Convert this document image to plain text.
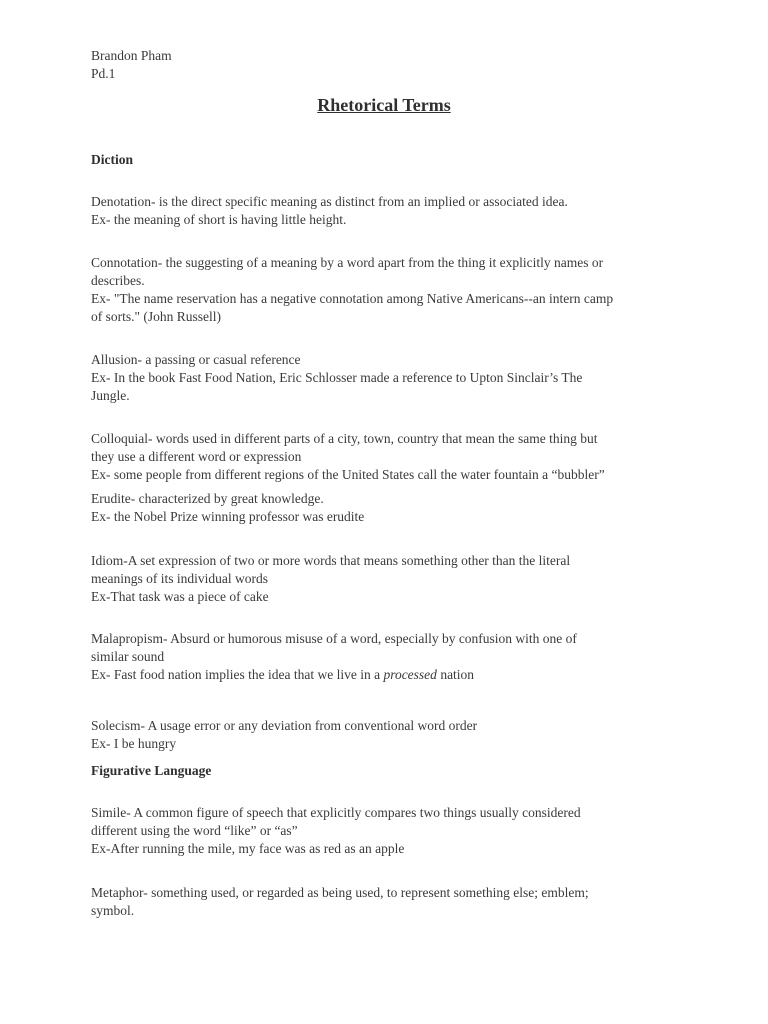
Brandon Pham
Pd.1
Rhetorical Terms
Diction
Denotation- is the direct specific meaning as distinct from an implied or associated idea.
Ex- the meaning of short is having little height.
Connotation- the suggesting of a meaning by a word apart from the thing it explicitly names or
describes.
Ex- "The name reservation has a negative connotation among Native Americans--an intern camp
of sorts." (John Russell)
Allusion- a passing or casual reference
Ex- In the book Fast Food Nation, Eric Schlosser made a reference to Upton Sinclair’s The
Jungle.
Colloquial- words used in different parts of a city, town, country that mean the same thing but
they use a different word or expression
Ex- some people from different regions of the United States call the water fountain a “bubbler”
Erudite- characterized by great knowledge.
Ex- the Nobel Prize winning professor was erudite
Idiom-A set expression of two or more words that means something other than the literal
meanings of its individual words
Ex-That task was a piece of cake
Malapropism- Absurd or humorous misuse of a word, especially by confusion with one of
similar sound
Ex- Fast food nation implies the idea that we live in a processed nation
Solecism- A usage error or any deviation from conventional word order
Ex- I be hungry
Figurative Language
Simile- A common figure of speech that explicitly compares two things usually considered
different using the word “like” or “as”
Ex-After running the mile, my face was as red as an apple
Metaphor- something used, or regarded as being used, to represent something else; emblem;
symbol.
